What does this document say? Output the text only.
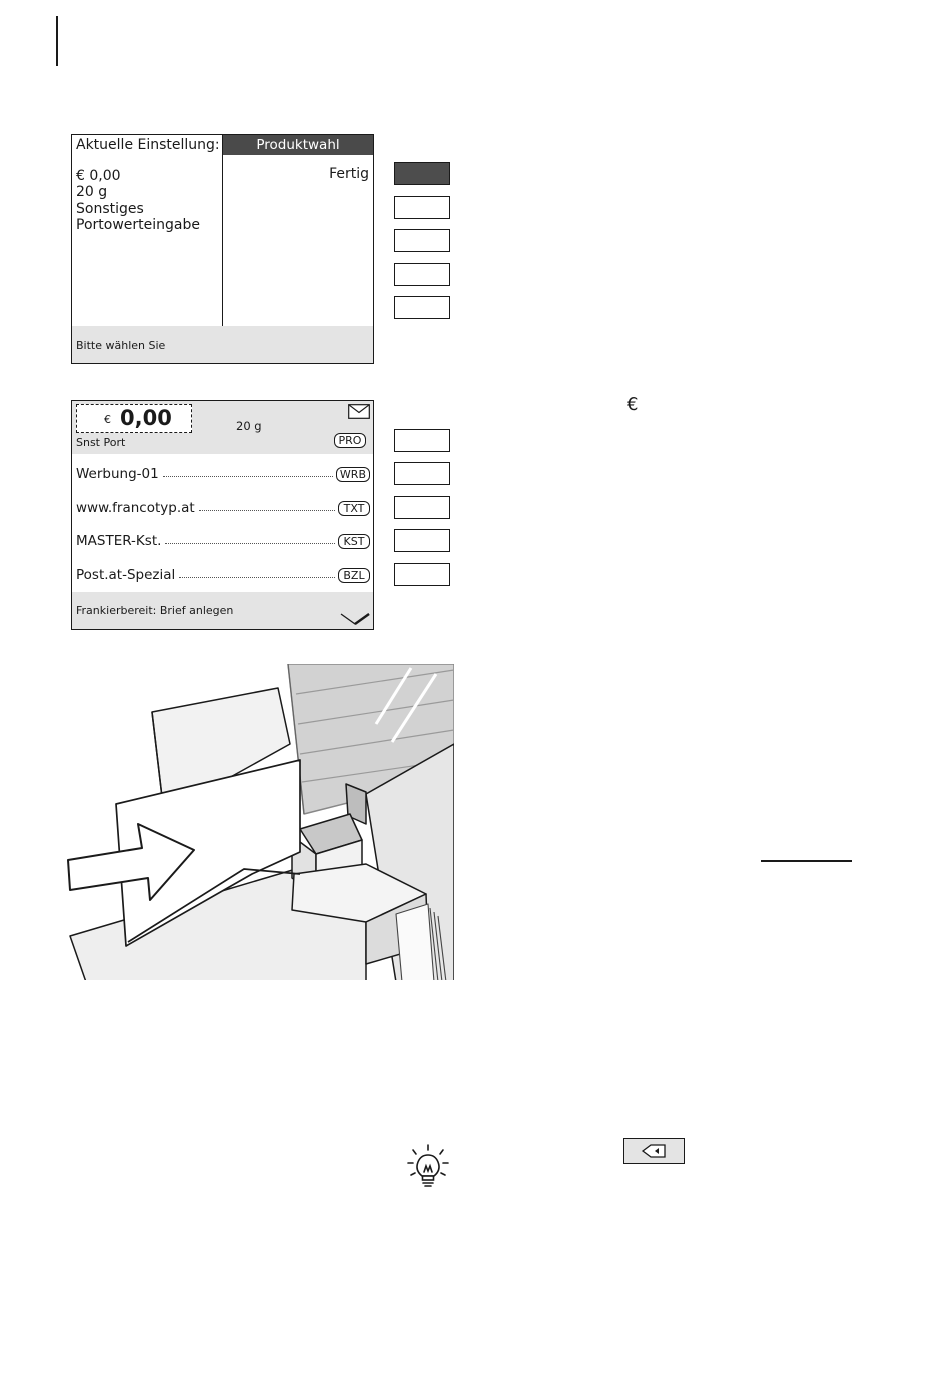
Aktuelle Einstellung:
€ 0,00
20 g
Sonstiges
Portowerteingabe
Produktwahl
Fertig
Bitte wählen Sie
€ 0,00	20 g
Snst Port	PRO
Werbung-01	WRB
www.francotyp.at	TXT
MASTER-Kst.	KST
Post.at-Spezial	BZL
Frankierbereit: Brief anlegen
€
